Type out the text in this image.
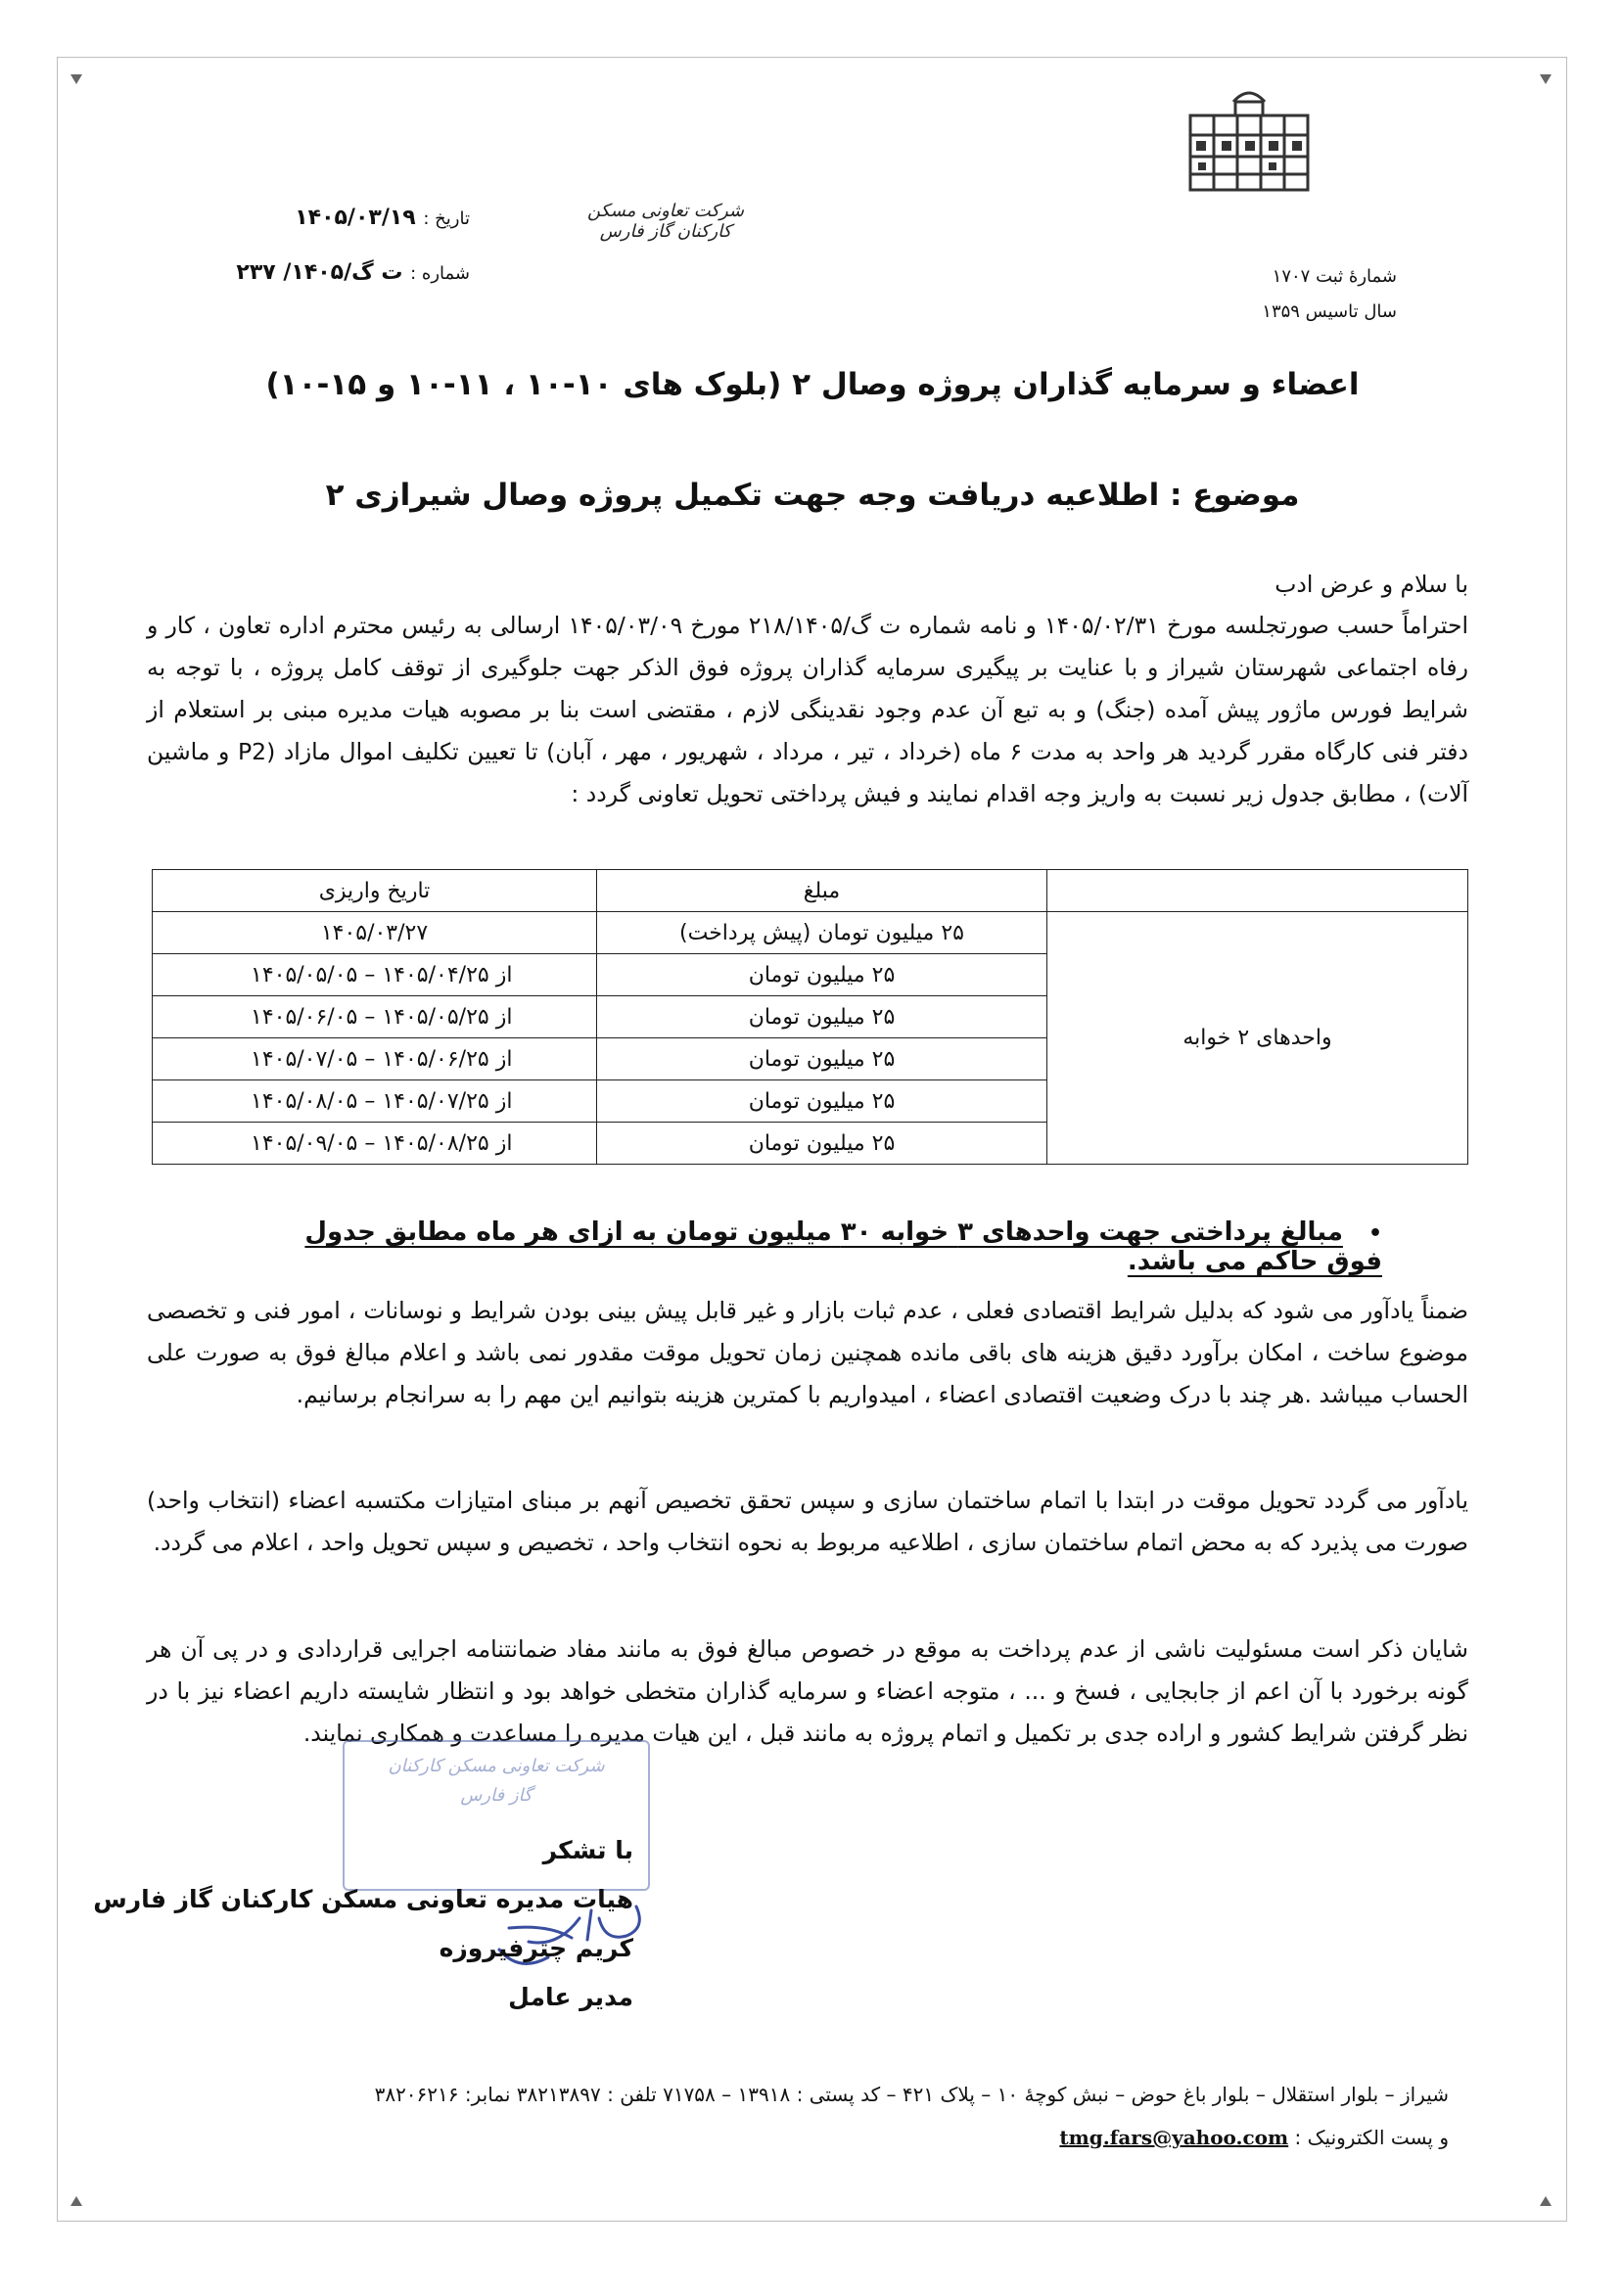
شرکت تعاونی مسکن کارکنان گاز فارس
تاریخ : ۱۴۰۵/۰۳/۱۹
شماره : ت گ/۱۴۰۵/ ۲۳۷	شمارهٔ ثبت ۱۷۰۷
سال تاسیس ۱۳۵۹
اعضاء و سرمایه گذاران پروژه وصال ۲ (بلوک های ۱۰-۱۰ ، ۱۱-۱۰ و ۱۵-۱۰)
موضوع : اطلاعیه دریافت وجه جهت تکمیل پروژه وصال شیرازی ۲
با سلام و عرض ادب
احتراماً حسب صورتجلسه مورخ ۱۴۰۵/۰۲/۳۱ و نامه شماره ت گ/۲۱۸/۱۴۰۵ مورخ ۱۴۰۵/۰۳/۰۹ ارسالی به رئیس محترم اداره تعاون ، کار و رفاه اجتماعی شهرستان شیراز و با عنایت بر پیگیری سرمایه گذاران پروژه فوق الذکر جهت جلوگیری از توقف کامل پروژه ، با توجه به شرایط فورس ماژور پیش آمده (جنگ) و به تبع آن عدم وجود نقدینگی لازم ، مقتضی است بنا بر مصوبه هیات مدیره مبنی بر استعلام از دفتر فنی کارگاه مقرر گردید هر واحد به مدت ۶ ماه (خرداد ، تیر ، مرداد ، شهریور ، مهر ، آبان) تا تعیین تکلیف اموال مازاد (P2 و ماشین آلات) ، مطابق جدول زیر نسبت به واریز وجه اقدام نمایند و فیش پرداختی تحویل تعاونی گردد :
	مبلغ	تاریخ واریزی
واحدهای ۲ خوابه	۲۵ میلیون تومان (پیش پرداخت)	۱۴۰۵/۰۳/۲۷
	۲۵ میلیون تومان	از ۱۴۰۵/۰۴/۲۵ – ۱۴۰۵/۰۵/۰۵
	۲۵ میلیون تومان	از ۱۴۰۵/۰۵/۲۵ – ۱۴۰۵/۰۶/۰۵
	۲۵ میلیون تومان	از ۱۴۰۵/۰۶/۲۵ – ۱۴۰۵/۰۷/۰۵
	۲۵ میلیون تومان	از ۱۴۰۵/۰۷/۲۵ – ۱۴۰۵/۰۸/۰۵
	۲۵ میلیون تومان	از ۱۴۰۵/۰۸/۲۵ – ۱۴۰۵/۰۹/۰۵
• مبالغ پرداختی جهت واحدهای ۳ خوابه ۳۰ میلیون تومان به ازای هر ماه مطابق جدول فوق حاکم می باشد.
ضمناً یادآور می شود که بدلیل شرایط اقتصادی فعلی ، عدم ثبات بازار و غیر قابل پیش بینی بودن شرایط و نوسانات ، امور فنی و تخصصی موضوع ساخت ، امکان برآورد دقیق هزینه های باقی مانده همچنین زمان تحویل موقت مقدور نمی باشد و اعلام مبالغ فوق به صورت علی الحساب میباشد .هر چند با درک وضعیت اقتصادی اعضاء ، امیدواریم با کمترین هزینه بتوانیم این مهم را به سرانجام برسانیم.
یادآور می گردد تحویل موقت در ابتدا با اتمام ساختمان سازی و سپس تحقق تخصیص آنهم بر مبنای امتیازات مکتسبه اعضاء (انتخاب واحد) صورت می پذیرد که به محض اتمام ساختمان سازی ، اطلاعیه مربوط به نحوه انتخاب واحد ، تخصیص و سپس تحویل واحد ، اعلام می گردد.
شایان ذکر است مسئولیت ناشی از عدم پرداخت به موقع در خصوص مبالغ فوق به مانند مفاد ضمانتنامه اجرایی قراردادی و در پی آن هر گونه برخورد با آن اعم از جابجایی ، فسخ و ... ، متوجه اعضاء و سرمایه گذاران متخطی خواهد بود و انتظار شایسته داریم اعضاء نیز با در نظر گرفتن شرایط کشور و اراده جدی بر تکمیل و اتمام پروژه به مانند قبل ، این هیات مدیره را مساعدت و همکاری نمایند.
شرکت تعاونی مسکن کارکنان
گاز فارس
با تشکر
هیات مدیره تعاونی مسکن کارکنان گاز فارس
کریم چترفیروزه
مدیر عامل
شیراز – بلوار استقلال – بلوار باغ حوض – نبش کوچهٔ ۱۰ – پلاک ۴۲۱ – کد پستی : ۱۳۹۱۸ – ۷۱۷۵۸ تلفن : ۳۸۲۱۳۸۹۷ نمابر: ۳۸۲۰۶۲۱۶
و پست الکترونیک : tmg.fars@yahoo.com
